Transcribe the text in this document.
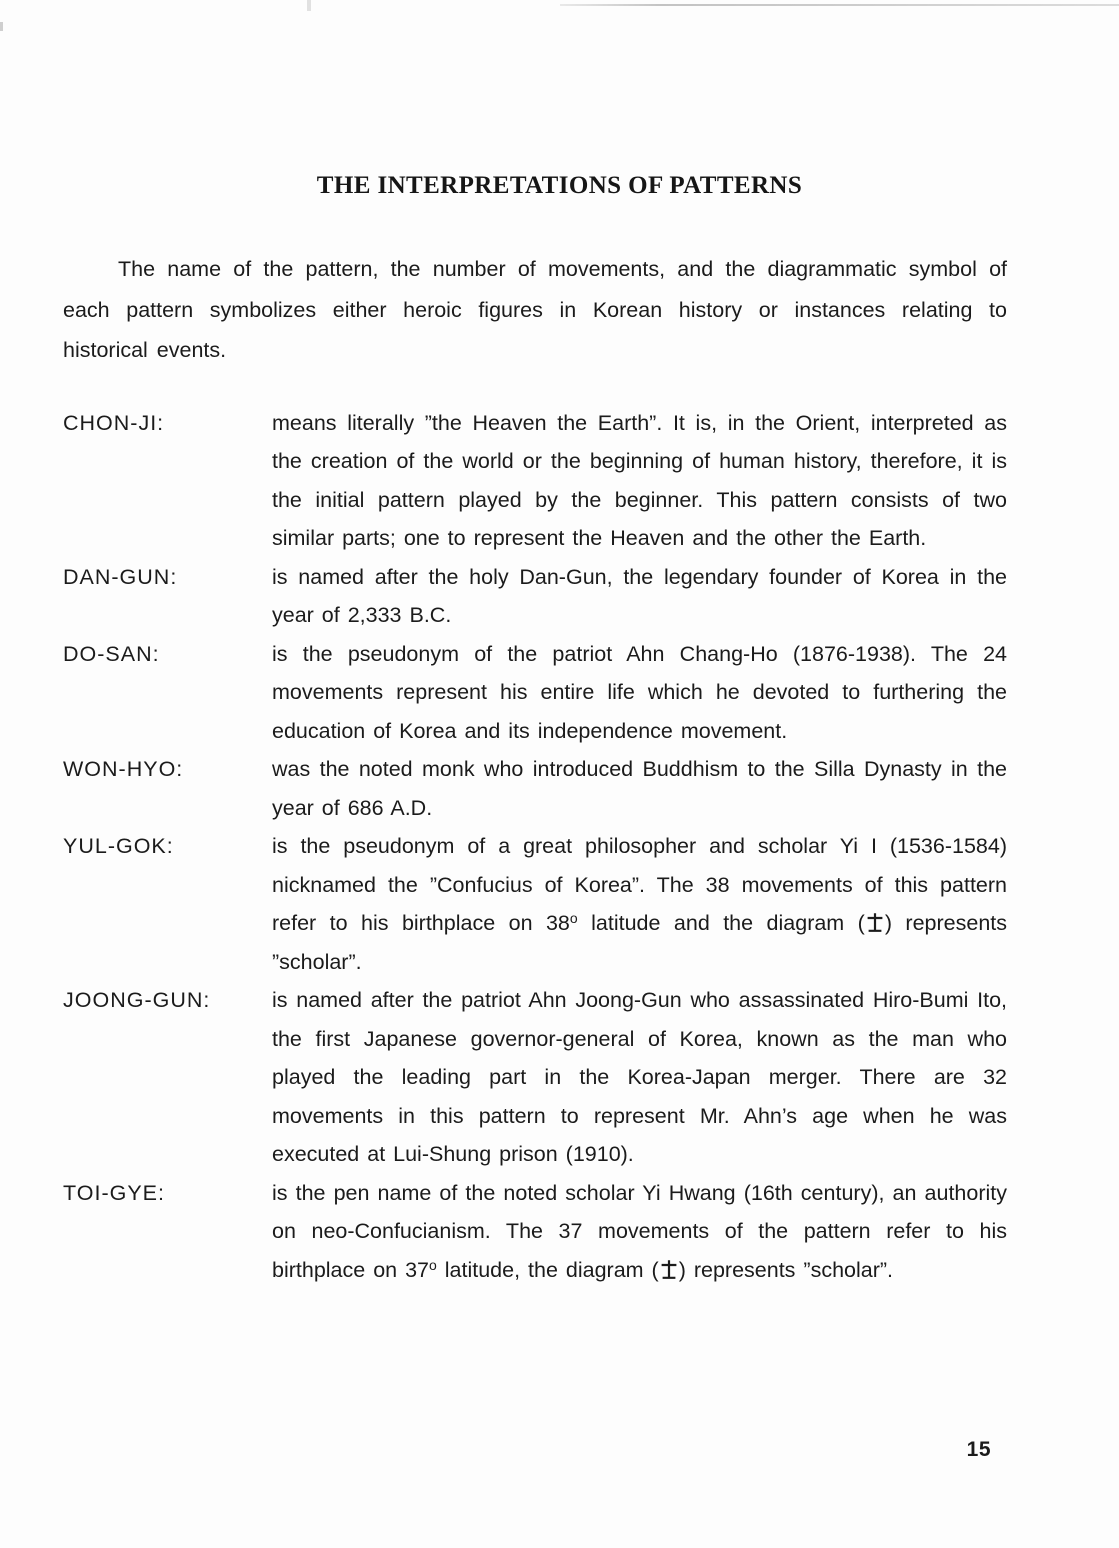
THE INTERPRETATIONS OF PATTERNS

The name of the pattern, the number of movements, and the diagrammatic symbol of each pattern symbolizes either heroic figures in Korean history or instances relating to historical events.

CHON-JI:	means literally ”the Heaven the Earth”. It is, in the Orient, interpreted as the creation of the world or the beginning of human history, therefore, it is the initial pattern played by the beginner. This pattern consists of two similar parts; one to represent the Heaven and the other the Earth.
DAN-GUN:	is named after the holy Dan-Gun, the legendary founder of Korea in the year of 2,333 B.C.
DO-SAN:	is the pseudonym of the patriot Ahn Chang-Ho (1876-1938). The 24 movements represent his entire life which he devoted to furthering the education of Korea and its independence movement.
WON-HYO:	was the noted monk who introduced Buddhism to the Silla Dynasty in the year of 686 A.D.
YUL-GOK:	is the pseudonym of a great philosopher and scholar Yi I (1536-1584) nicknamed the ”Confucius of Korea”. The 38 movements of this pattern refer to his birthplace on 38$^o$ latitude and the diagram ( ) represents ”scholar”.
JOONG-GUN:	is named after the patriot Ahn Joong-Gun who assassinated Hiro-Bumi Ito, the first Japanese governor-general of Korea, known as the man who played the leading part in the Korea-Japan merger. There are 32 movements in this pattern to represent Mr. Ahn’s age when he was executed at Lui-Shung prison (1910).
TOI-GYE:	is the pen name of the noted scholar Yi Hwang (16th century), an authority on neo-Confucianism. The 37 movements of the pattern refer to his birthplace on 37$^o$ latitude, the diagram ( ) represents ”scholar”.
15
